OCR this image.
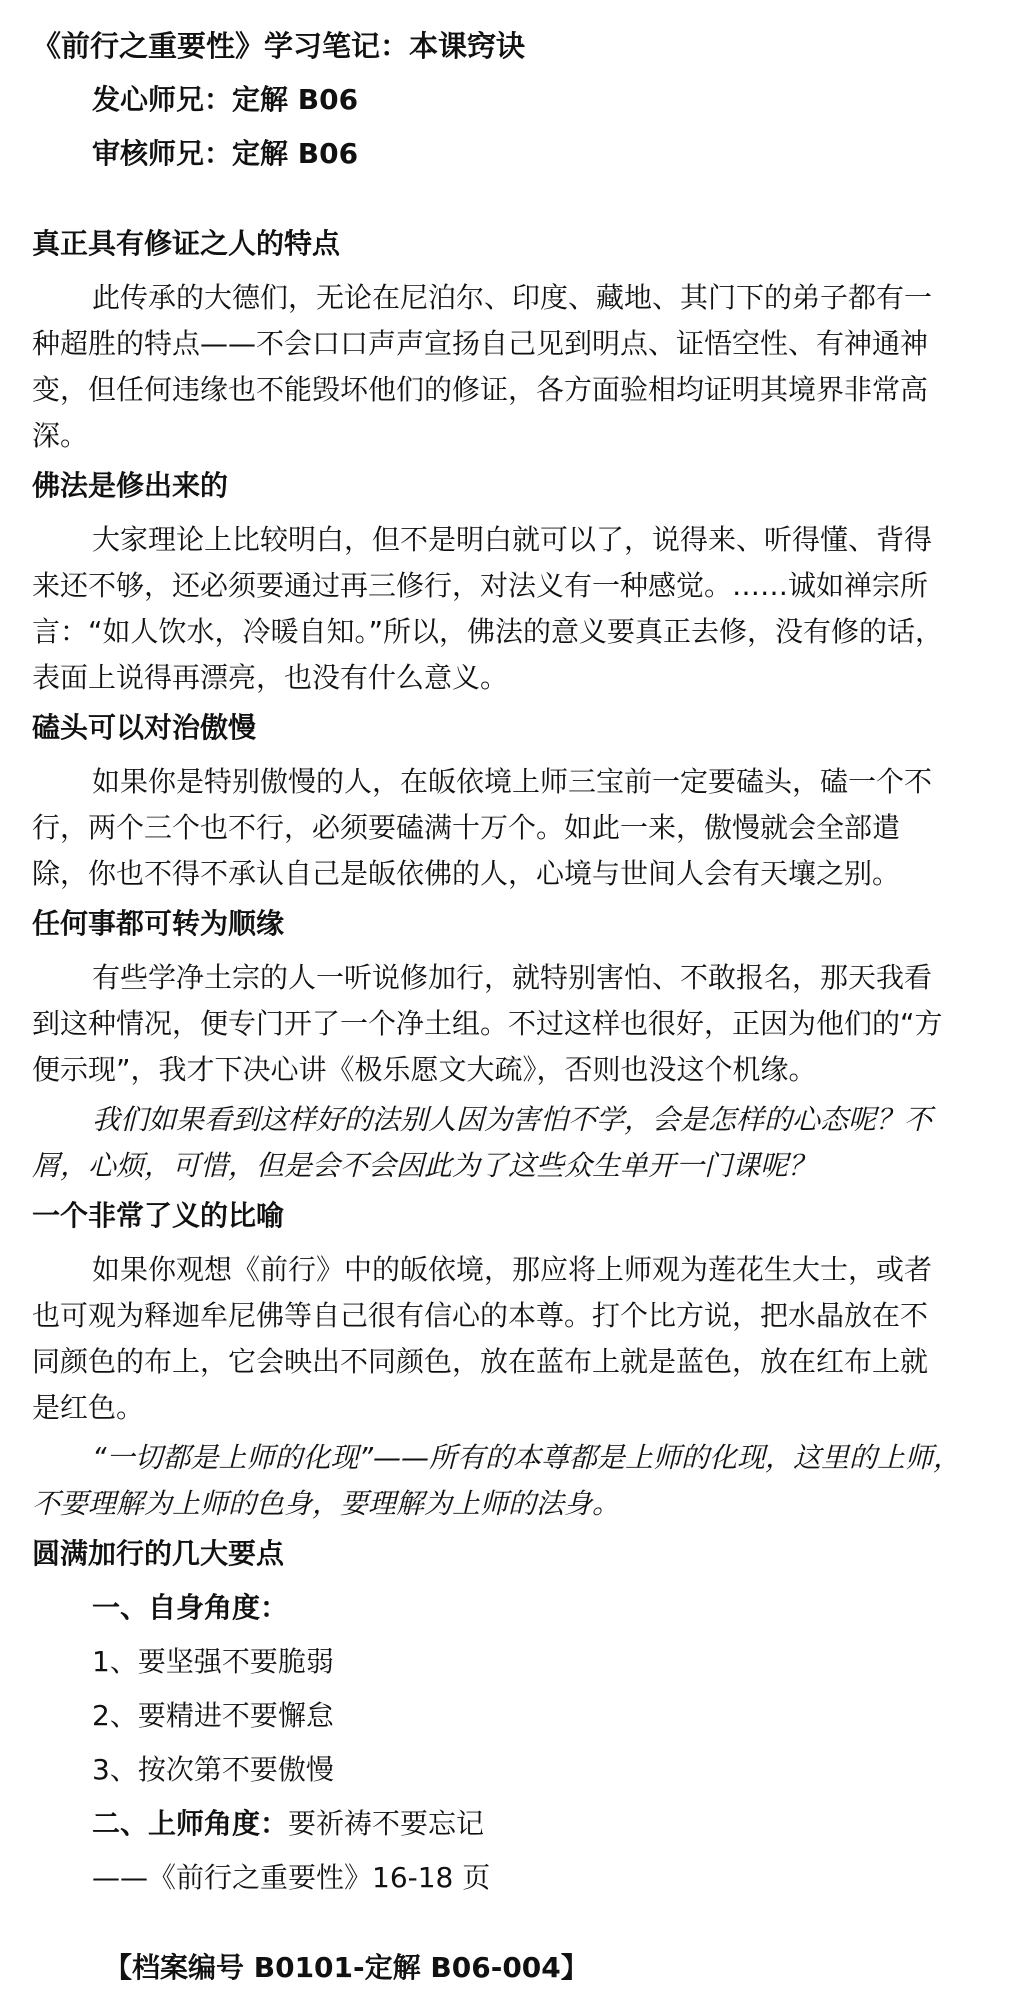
《前行之重要性》学习笔记：本课窍诀
发心师兄：定解 B06
审核师兄：定解 B06
真正具有修证之人的特点
此传承的大德们，无论在尼泊尔、印度、藏地、其门下的弟子都有一
种超胜的特点——不会口口声声宣扬自己见到明点、证悟空性、有神通神
变，但任何违缘也不能毁坏他们的修证，各方面验相均证明其境界非常高
深。
佛法是修出来的
大家理论上比较明白，但不是明白就可以了，说得来、听得懂、背得
来还不够，还必须要通过再三修行，对法义有一种感觉。……诚如禅宗所
言：“如人饮水，冷暖自知。”所以，佛法的意义要真正去修，没有修的话，
表面上说得再漂亮，也没有什么意义。
磕头可以对治傲慢
如果你是特别傲慢的人，在皈依境上师三宝前一定要磕头，磕一个不
行，两个三个也不行，必须要磕满十万个。如此一来，傲慢就会全部遣
除，你也不得不承认自己是皈依佛的人，心境与世间人会有天壤之别。
任何事都可转为顺缘
有些学净土宗的人一听说修加行，就特别害怕、不敢报名，那天我看
到这种情况，便专门开了一个净土组。不过这样也很好，正因为他们的“方
便示现”，我才下决心讲《极乐愿文大疏》，否则也没这个机缘。
我们如果看到这样好的法别人因为害怕不学，会是怎样的心态呢？不
屑，心烦，可惜，但是会不会因此为了这些众生单开一门课呢？
一个非常了义的比喻
如果你观想《前行》中的皈依境，那应将上师观为莲花生大士，或者
也可观为释迦牟尼佛等自己很有信心的本尊。打个比方说，把水晶放在不
同颜色的布上，它会映出不同颜色，放在蓝布上就是蓝色，放在红布上就
是红色。
“一切都是上师的化现”——所有的本尊都是上师的化现，这里的上师，
不要理解为上师的色身，要理解为上师的法身。
圆满加行的几大要点
一、自身角度：
1、要坚强不要脆弱
2、要精进不要懈怠
3、按次第不要傲慢
二、上师角度：要祈祷不要忘记
——《前行之重要性》16-18 页
【档案编号 B0101-定解 B06-004】
